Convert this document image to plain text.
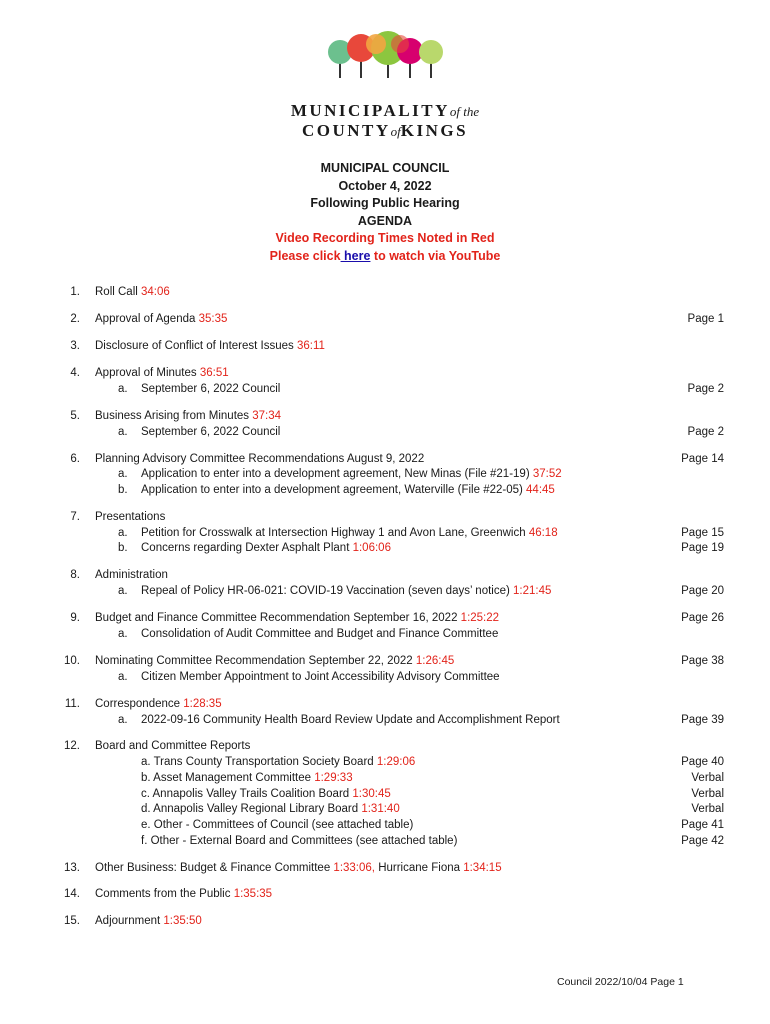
MUNICIPALITYof the
COUNTYofKINGS
MUNICIPAL COUNCIL
October 4, 2022
Following Public Hearing
AGENDA
Video Recording Times Noted in Red
Please click here to watch via YouTube
1. Roll Call 34:06
2. Approval of Agenda 35:35	Page 1
3. Disclosure of Conflict of Interest Issues 36:11
4. Approval of Minutes 36:51
a. September 6, 2022 Council	Page 2
5. Business Arising from Minutes 37:34
a. September 6, 2022 Council	Page 2
6. Planning Advisory Committee Recommendations August 9, 2022	Page 14
a. Application to enter into a development agreement, New Minas (File #21-19) 37:52
b. Application to enter into a development agreement, Waterville (File #22-05) 44:45
7. Presentations
a. Petition for Crosswalk at Intersection Highway 1 and Avon Lane, Greenwich 46:18	Page 15
b. Concerns regarding Dexter Asphalt Plant 1:06:06	Page 19
8. Administration
a. Repeal of Policy HR-06-021: COVID-19 Vaccination (seven days’ notice) 1:21:45	Page 20
9. Budget and Finance Committee Recommendation September 16, 2022 1:25:22	Page 26
a. Consolidation of Audit Committee and Budget and Finance Committee
10. Nominating Committee Recommendation September 22, 2022 1:26:45	Page 38
a. Citizen Member Appointment to Joint Accessibility Advisory Committee
11. Correspondence 1:28:35
a. 2022-09-16 Community Health Board Review Update and Accomplishment Report	Page 39
12. Board and Committee Reports
a. Trans County Transportation Society Board 1:29:06	Page 40
b. Asset Management Committee 1:29:33	Verbal
c. Annapolis Valley Trails Coalition Board 1:30:45	Verbal
d. Annapolis Valley Regional Library Board 1:31:40	Verbal
e. Other - Committees of Council (see attached table)	Page 41
f. Other - External Board and Committees (see attached table)	Page 42
13. Other Business: Budget & Finance Committee 1:33:06, Hurricane Fiona 1:34:15
14. Comments from the Public 1:35:35
15. Adjournment 1:35:50
Council 2022/10/04 Page 1
